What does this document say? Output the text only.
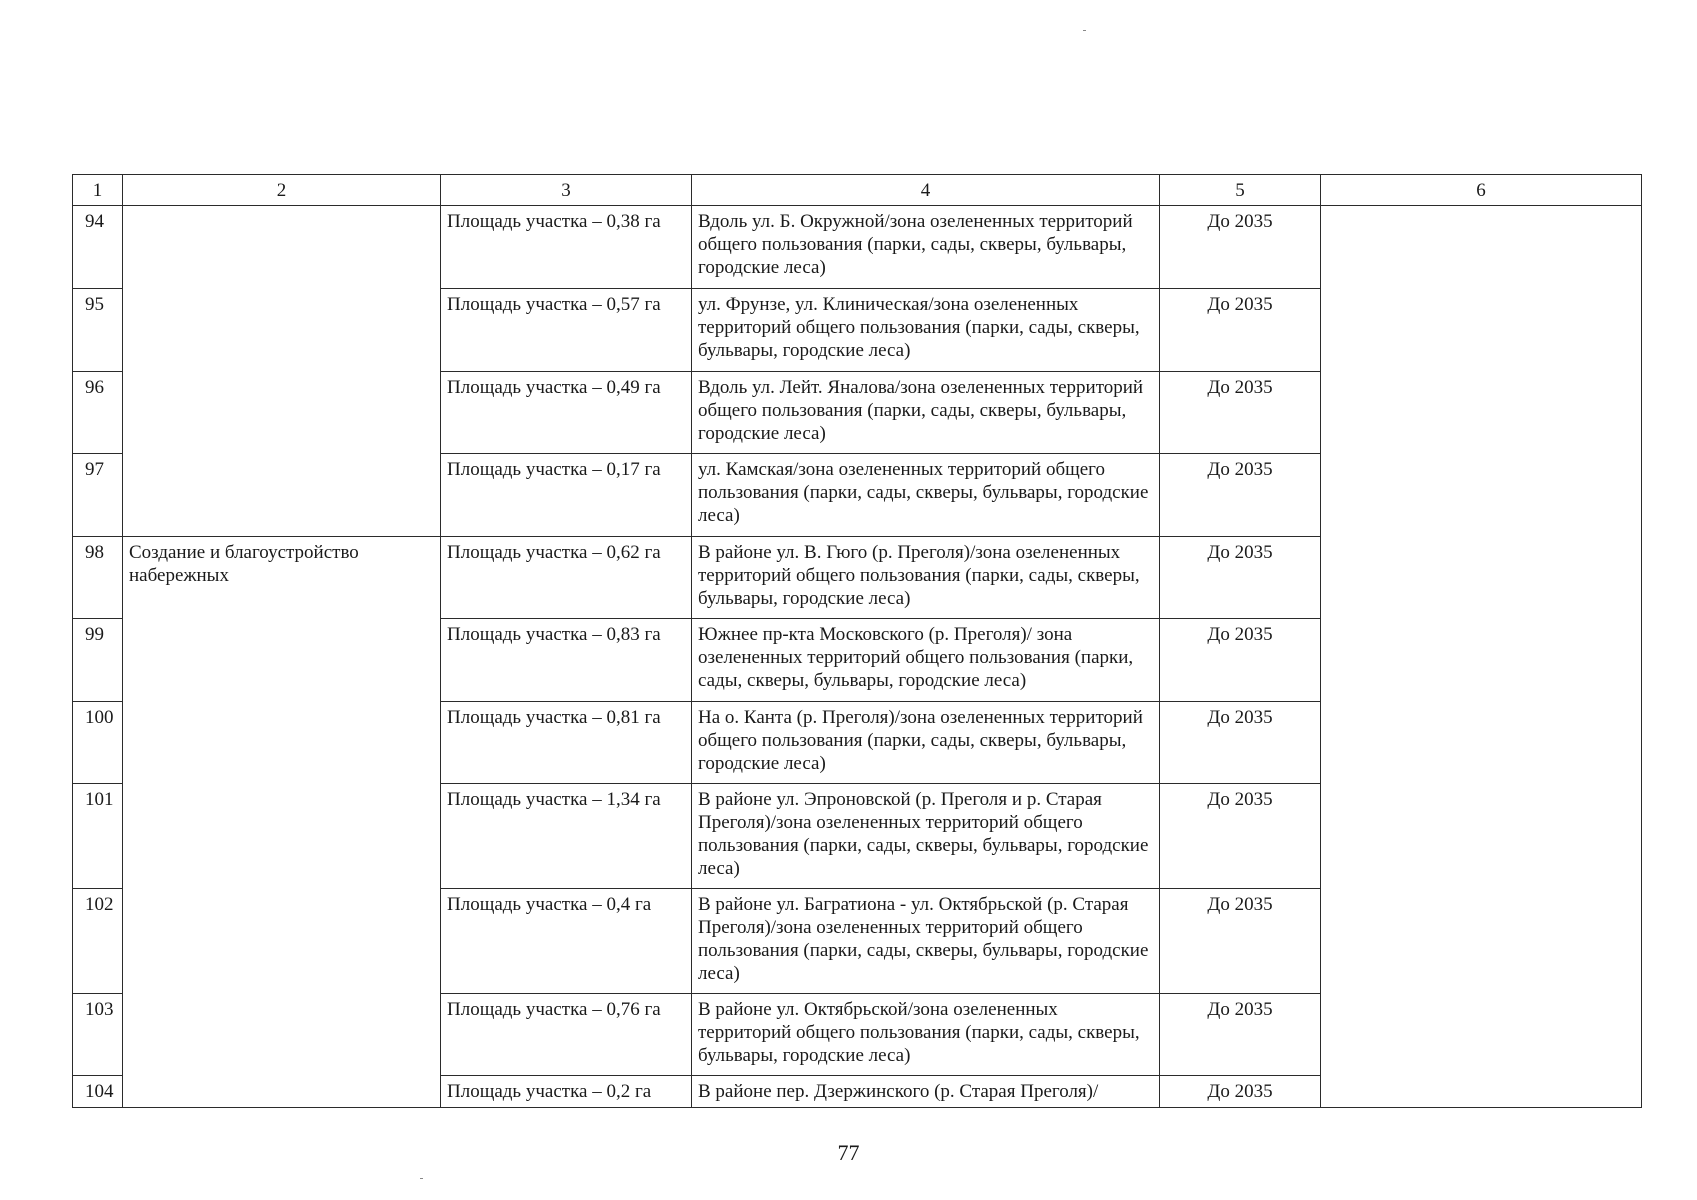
1	2	3	4	5	6
94		Площадь участка – 0,38 га	Вдоль ул. Б. Окружной/зона озелененных территорий общего пользования (парки, сады, скверы, бульвары, городские леса)	До 2035	
95		Площадь участка – 0,57 га	ул. Фрунзе, ул. Клиническая/зона озелененных территорий общего пользования (парки, сады, скверы, бульвары, городские леса)	До 2035	
96		Площадь участка – 0,49 га	Вдоль ул. Лейт. Яналова/зона озелененных территорий общего пользования (парки, сады, скверы, бульвары, городские леса)	До 2035	
97		Площадь участка – 0,17 га	ул. Камская/зона озелененных территорий общего пользования (парки, сады, скверы, бульвары, городские леса)	До 2035	
98	Создание и благоустройство набережных	Площадь участка – 0,62 га	В районе ул. В. Гюго (р. Преголя)/зона озелененных территорий общего пользования (парки, сады, скверы, бульвары, городские леса)	До 2035	
99		Площадь участка – 0,83 га	Южнее пр-кта Московского (р. Преголя)/ зона озелененных территорий общего пользования (парки, сады, скверы, бульвары, городские леса)	До 2035	
100		Площадь участка – 0,81 га	На о. Канта (р. Преголя)/зона озелененных территорий общего пользования (парки, сады, скверы, бульвары, городские леса)	До 2035	
101		Площадь участка – 1,34 га	В районе ул. Эпроновской (р. Преголя и р. Старая Преголя)/зона озелененных территорий общего пользования (парки, сады, скверы, бульвары, городские леса)	До 2035	
102		Площадь участка – 0,4 га	В районе ул. Багратиона - ул. Октябрьской (р. Старая Преголя)/зона озелененных территорий общего пользования (парки, сады, скверы, бульвары, городские леса)	До 2035	
103		Площадь участка – 0,76 га	В районе ул. Октябрьской/зона озелененных территорий общего пользования (парки, сады, скверы, бульвары, городские леса)	До 2035	
104		Площадь участка – 0,2 га	В районе пер. Дзержинского (р. Старая Преголя)/	До 2035	
77
